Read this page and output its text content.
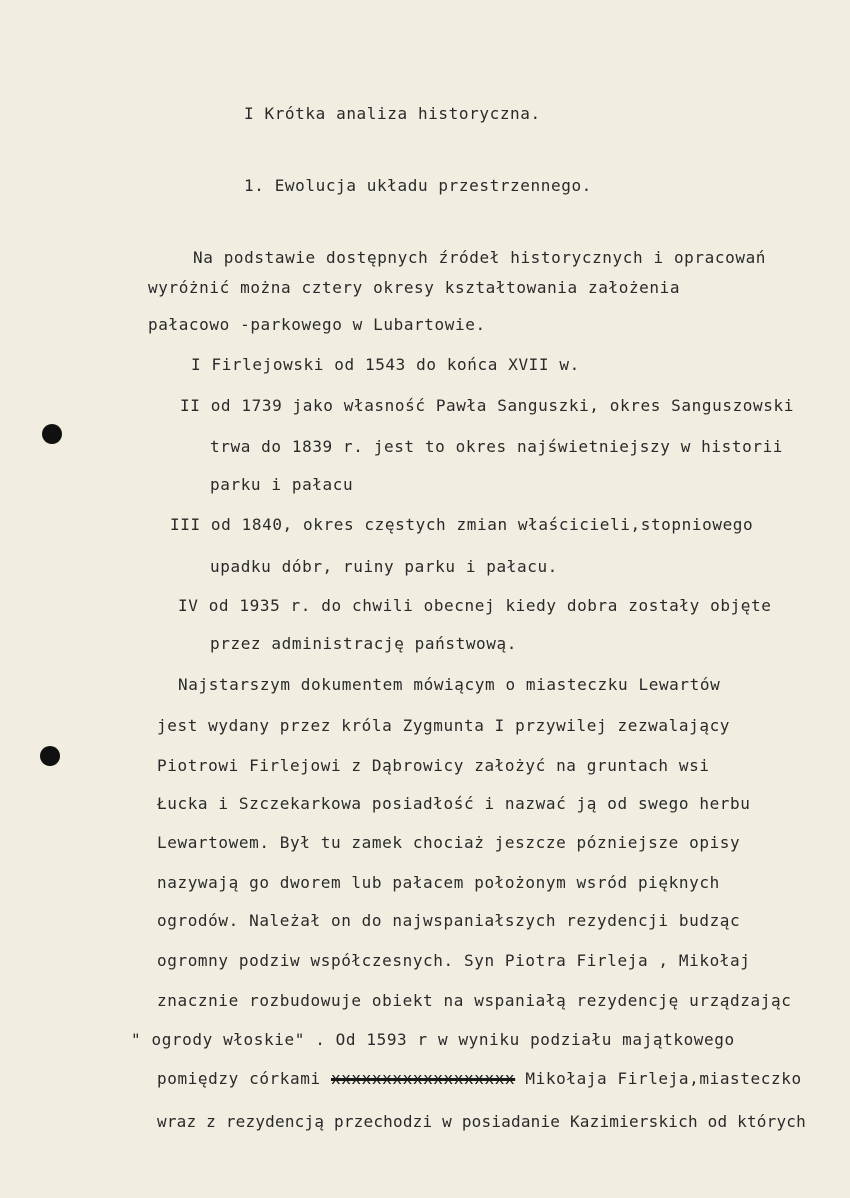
I Krótka analiza historyczna.
1. Ewolucja układu przestrzennego.
Na podstawie dostępnych źródeł historycznych i opracowań
wyróżnić można cztery okresy kształtowania założenia
pałacowo -parkowego w Lubartowie.
I Firlejowski od 1543 do końca XVII w.
II od 1739 jako własność Pawła Sanguszki, okres Sanguszowski
trwa do 1839 r. jest to okres najświetniejszy w historii
parku i pałacu
III od 1840, okres częstych zmian właścicieli,stopniowego
upadku dóbr, ruiny parku i pałacu.
IV od 1935 r. do chwili obecnej kiedy dobra zostały objęte
przez administrację państwową.
Najstarszym dokumentem mówiącym o miasteczku Lewartów
jest wydany przez króla Zygmunta I przywilej zezwalający
Piotrowi Firlejowi z Dąbrowicy założyć na gruntach wsi
Łucka i Szczekarkowa posiadłość i nazwać ją od swego herbu
Lewartowem. Był tu zamek chociaż jeszcze pózniejsze opisy
nazywają go dworem lub pałacem położonym wsród pięknych
ogrodów. Należał on do najwspaniałszych rezydencji budząc
ogromny podziw współczesnych. Syn Piotra Firleja , Mikołaj
znacznie rozbudowuje obiekt na wspaniałą rezydencję urządzając
" ogrody włoskie" . Od 1593 r w wyniku podziału majątkowego
pomiędzy córkami xxxxxxxxxxxxxxxxxx Mikołaja Firleja,miasteczko
wraz z rezydencją przechodzi w posiadanie Kazimierskich od których
